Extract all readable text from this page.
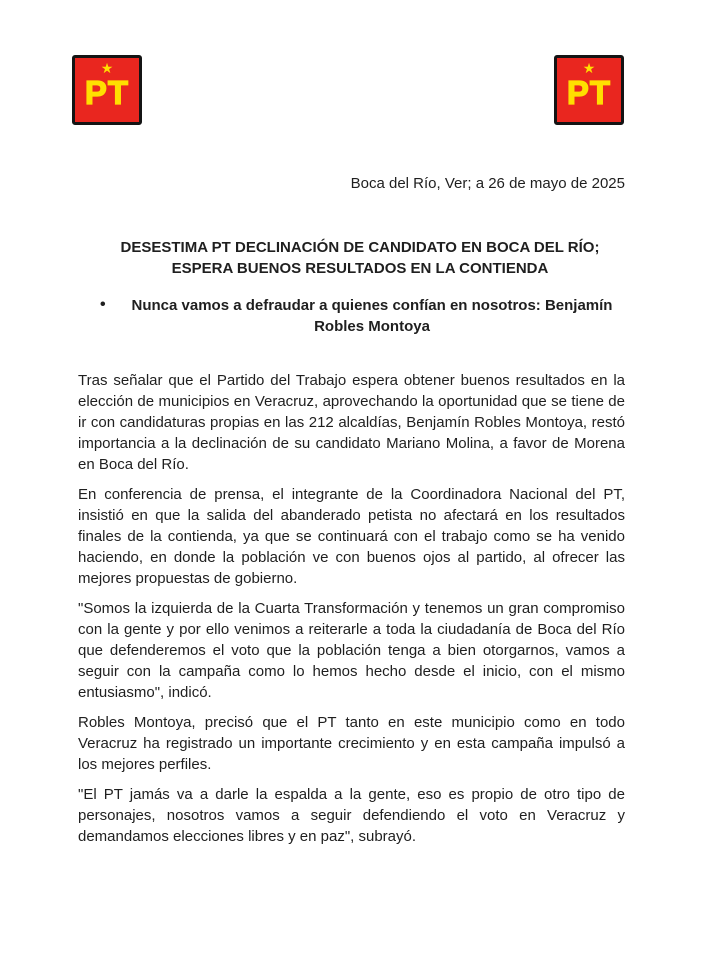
★
PT
★
PT
Boca del Río, Ver; a 26 de mayo de 2025
DESESTIMA PT DECLINACIÓN DE CANDIDATO EN BOCA DEL RÍO;
ESPERA BUENOS RESULTADOS EN LA CONTIENDA
•	Nunca vamos a defraudar a quienes confían en nosotros: Benjamín
Robles Montoya

Tras señalar que el Partido del Trabajo espera obtener buenos resultados en la elección de municipios en Veracruz, aprovechando la oportunidad que se tiene de ir con candidaturas propias en las 212 alcaldías, Benjamín Robles Montoya, restó importancia a la declinación de su candidato Mariano Molina, a favor de Morena en Boca del Río.

En conferencia de prensa, el integrante de la Coordinadora Nacional del PT, insistió en que la salida del abanderado petista no afectará en los resultados finales de la contienda, ya que se continuará con el trabajo como se ha venido haciendo, en donde la población ve con buenos ojos al partido, al ofrecer las mejores propuestas de gobierno.

"Somos la izquierda de la Cuarta Transformación y tenemos un gran compromiso con la gente y por ello venimos a reiterarle a toda la ciudadanía de Boca del Río que defenderemos el voto que la población tenga a bien otorgarnos, vamos a seguir con la campaña como lo hemos hecho desde el inicio, con el mismo entusiasmo", indicó.

Robles Montoya, precisó que el PT tanto en este municipio como en todo Veracruz ha registrado un importante crecimiento y en esta campaña impulsó a los mejores perfiles.

"El PT jamás va a darle la espalda a la gente, eso es propio de otro tipo de personajes, nosotros vamos a seguir defendiendo el voto en Veracruz y demandamos elecciones libres y en paz", subrayó.
